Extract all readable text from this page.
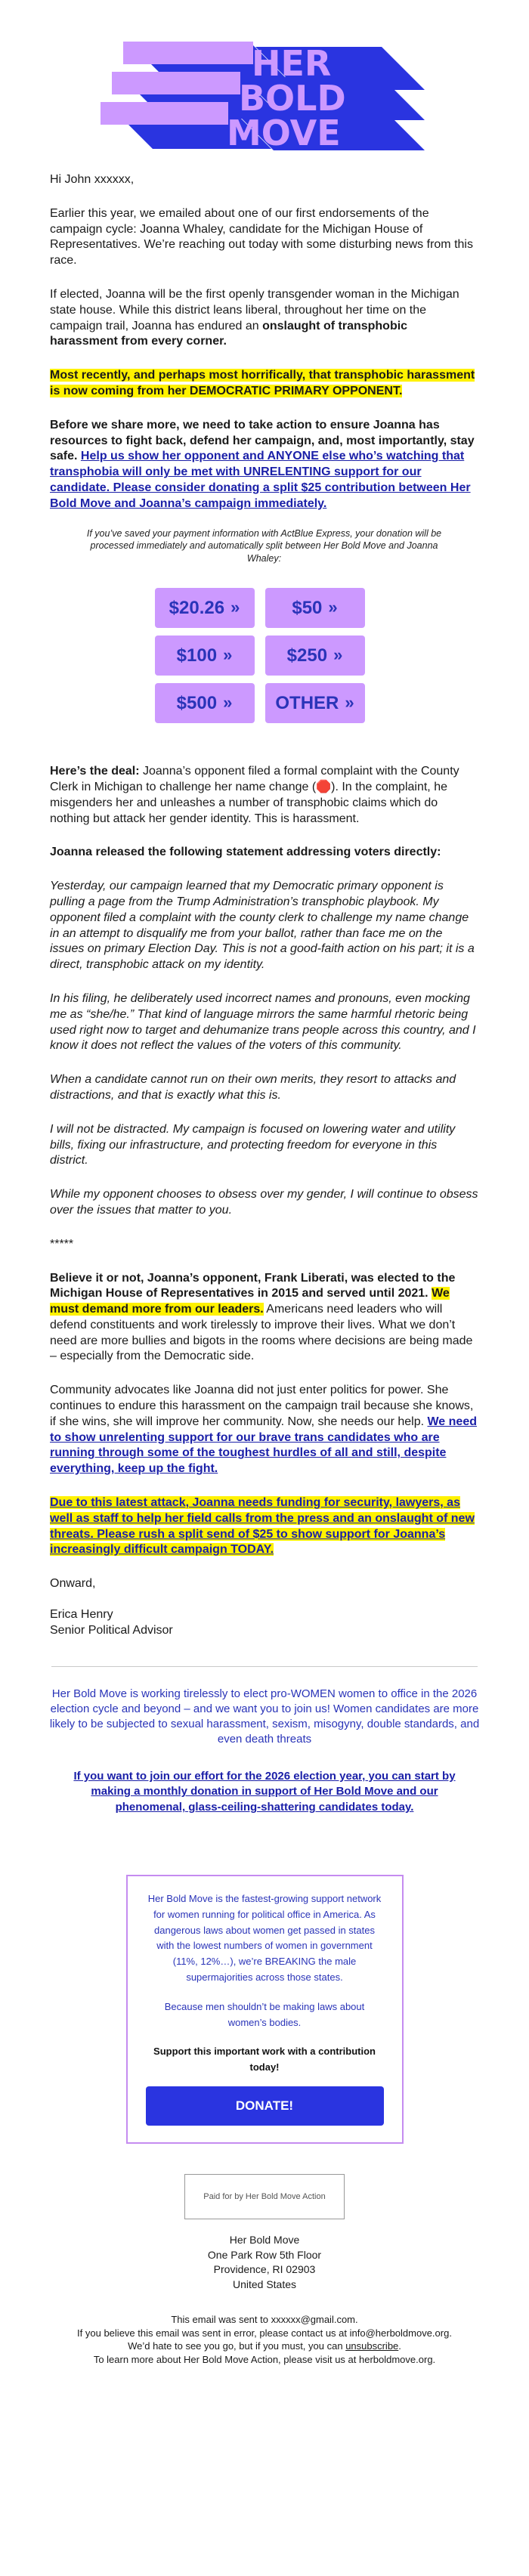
HER
BOLD
MOVE

Hi John xxxxxx,

Earlier this year, we emailed about one of our first endorsements of the campaign cycle: Joanna Whaley, candidate for the Michigan House of Representatives. We’re reaching out today with some disturbing news from this race.

If elected, Joanna will be the first openly transgender woman in the Michigan state house. While this district leans liberal, throughout her time on the campaign trail, Joanna has endured an onslaught of transphobic harassment from every corner.

Most recently, and perhaps most horrifically, that transphobic harassment is now coming from her DEMOCRATIC PRIMARY OPPONENT.

Before we share more, we need to take action to ensure Joanna has resources to fight back, defend her campaign, and, most importantly, stay safe. Help us show her opponent and ANYONE else who’s watching that transphobia will only be met with UNRELENTING support for our candidate. Please consider donating a split $25 contribution between Her Bold Move and Joanna’s campaign immediately.

If you’ve saved your payment information with ActBlue Express, your donation will be processed immediately and automatically split between Her Bold Move and Joanna Whaley:
$20.26 »	$50 »
$100 »	$250 »
$500 » OTHER »

Here’s the deal: Joanna’s opponent filed a formal complaint with the County Clerk in Michigan to challenge her name change (🛑). In the complaint, he misgenders her and unleashes a number of transphobic claims which do nothing but attack her gender identity. This is harassment.

Joanna released the following statement addressing voters directly:

Yesterday, our campaign learned that my Democratic primary opponent is pulling a page from the Trump Administration’s transphobic playbook. My opponent filed a complaint with the county clerk to challenge my name change in an attempt to disqualify me from your ballot, rather than face me on the issues on primary Election Day. This is not a good-faith action on his part; it is a direct, transphobic attack on my identity.

In his filing, he deliberately used incorrect names and pronouns, even mocking me as “she/he.” That kind of language mirrors the same harmful rhetoric being used right now to target and dehumanize trans people across this country, and I know it does not reflect the values of the voters of this community.

When a candidate cannot run on their own merits, they resort to attacks and distractions, and that is exactly what this is.

I will not be distracted. My campaign is focused on lowering water and utility bills, fixing our infrastructure, and protecting freedom for everyone in this district.

While my opponent chooses to obsess over my gender, I will continue to obsess over the issues that matter to you.

*****

Believe it or not, Joanna’s opponent, Frank Liberati, was elected to the Michigan House of Representatives in 2015 and served until 2021. We must demand more from our leaders. Americans need leaders who will defend constituents and work tirelessly to improve their lives. What we don’t need are more bullies and bigots in the rooms where decisions are being made – especially from the Democratic side.

Community advocates like Joanna did not just enter politics for power. She continues to endure this harassment on the campaign trail because she knows, if she wins, she will improve her community. Now, she needs our help. We need to show unrelenting support for our brave trans candidates who are running through some of the toughest hurdles of all and still, despite everything, keep up the fight.

Due to this latest attack, Joanna needs funding for security, lawyers, as well as staff to help her field calls from the press and an onslaught of new threats. Please rush a split send of $25 to show support for Joanna’s increasingly difficult campaign TODAY.

Onward,

Erica Henry
Senior Political Advisor
Her Bold Move is working tirelessly to elect pro-WOMEN women to office in the 2026 election cycle and beyond – and we want you to join us! Women candidates are more likely to be subjected to sexual harassment, sexism, misogyny, double standards, and even death threats
If you want to join our effort for the 2026 election year, you can start by making a monthly donation in support of Her Bold Move and our phenomenal, glass-ceiling-shattering candidates today.
Her Bold Move is the fastest-growing support network for women running for political office in America. As dangerous laws about women get passed in states with the lowest numbers of women in government (11%, 12%…), we’re BREAKING the male supermajorities across those states.
Because men shouldn’t be making laws about women’s bodies.
Support this important work with a contribution today!
DONATE!
Paid for by Her Bold Move Action
Her Bold Move
One Park Row 5th Floor
Providence, RI 02903
United States
This email was sent to xxxxxx@gmail.com.
If you believe this email was sent in error, please contact us at info@herboldmove.org.
We’d hate to see you go, but if you must, you can unsubscribe.
To learn more about Her Bold Move Action, please visit us at herboldmove.org.
